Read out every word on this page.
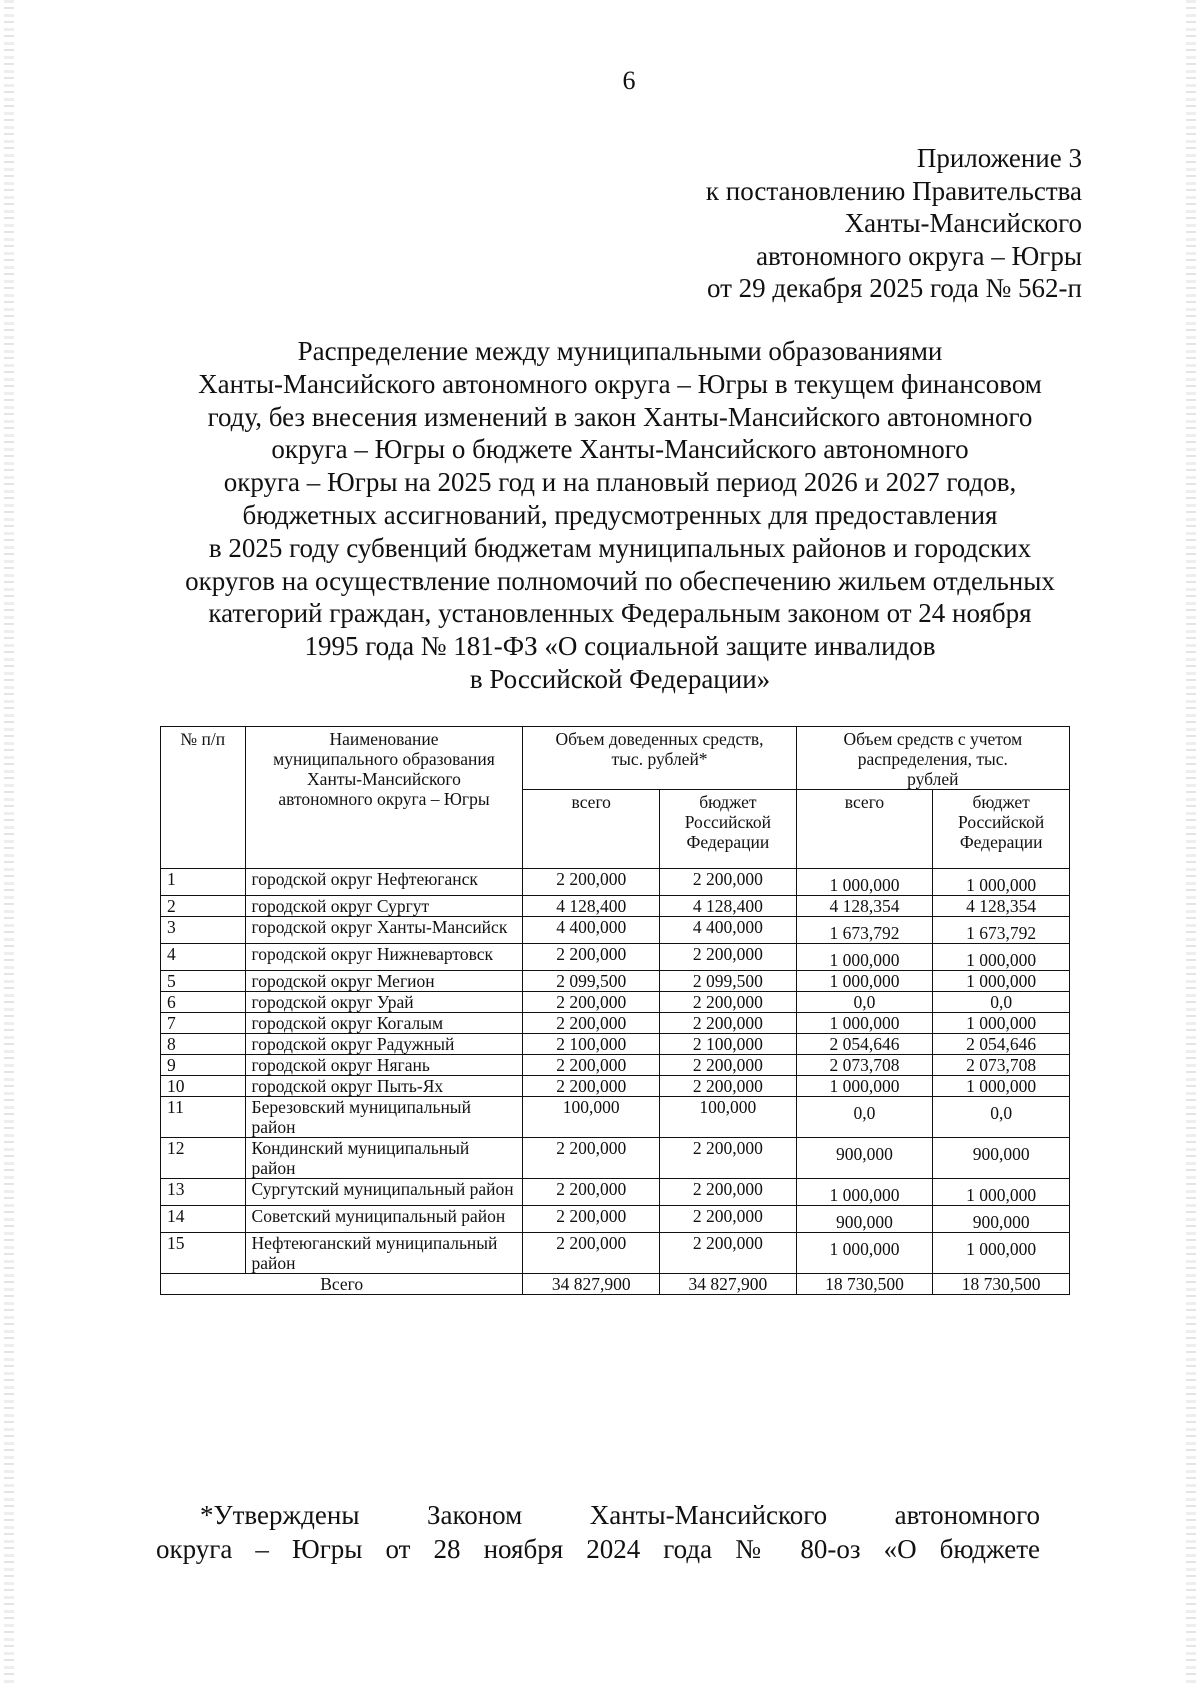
6
Приложение 3
к постановлению Правительства
Ханты-Мансийского
автономного округа – Югры
от 29 декабря 2025 года № 562-п
Распределение между муниципальными образованиями
Ханты-Мансийского автономного округа – Югры в текущем финансовом
году, без внесения изменений в закон Ханты-Мансийского автономного
округа – Югры о бюджете Ханты-Мансийского автономного
округа – Югры на 2025 год и на плановый период 2026 и 2027 годов,
бюджетных ассигнований, предусмотренных для предоставления
в 2025 году субвенций бюджетам муниципальных районов и городских
округов на осуществление полномочий по обеспечению жильем отдельных
категорий граждан, установленных Федеральным законом от 24 ноября
1995 года № 181-ФЗ «О социальной защите инвалидов
в Российской Федерации»
№ п/п	Наименование муниципального образования Ханты-Мансийского автономного округа – Югры	Объем доведенных средств, тыс. рублей*		Объем средств с учетом распределения, тыс. рублей	
		всего	бюджет Российской Федерации	всего	бюджет Российской Федерации
1	городской округ Нефтеюганск	2 200,000	2 200,000	1 000,000	1 000,000
2	городской округ Сургут	4 128,400	4 128,400	4 128,354	4 128,354
3	городской округ Ханты-Мансийск	4 400,000	4 400,000	1 673,792	1 673,792
4	городской округ Нижневартовск	2 200,000	2 200,000	1 000,000	1 000,000
5	городской округ Мегион	2 099,500	2 099,500	1 000,000	1 000,000
6	городской округ Урай	2 200,000	2 200,000	0,0	0,0
7	городской округ Когалым	2 200,000	2 200,000	1 000,000	1 000,000
8	городской округ Радужный	2 100,000	2 100,000	2 054,646	2 054,646
9	городской округ Нягань	2 200,000	2 200,000	2 073,708	2 073,708
10	городской округ Пыть-Ях	2 200,000	2 200,000	1 000,000	1 000,000
11	Березовский муниципальный район	100,000	100,000	0,0	0,0
12	Кондинский муниципальный район	2 200,000	2 200,000	900,000	900,000
13	Сургутский муниципальный район	2 200,000	2 200,000	1 000,000	1 000,000
14	Советский муниципальный район	2 200,000	2 200,000	900,000	900,000
15	Нефтеюганский муниципальный район	2 200,000	2 200,000	1 000,000	1 000,000
Всего		34 827,900	34 827,900	18 730,500	18 730,500
*Утверждены Законом Ханты-Мансийского автономного
округа – Югры от 28 ноября 2024 года № 80-оз «О бюджете
